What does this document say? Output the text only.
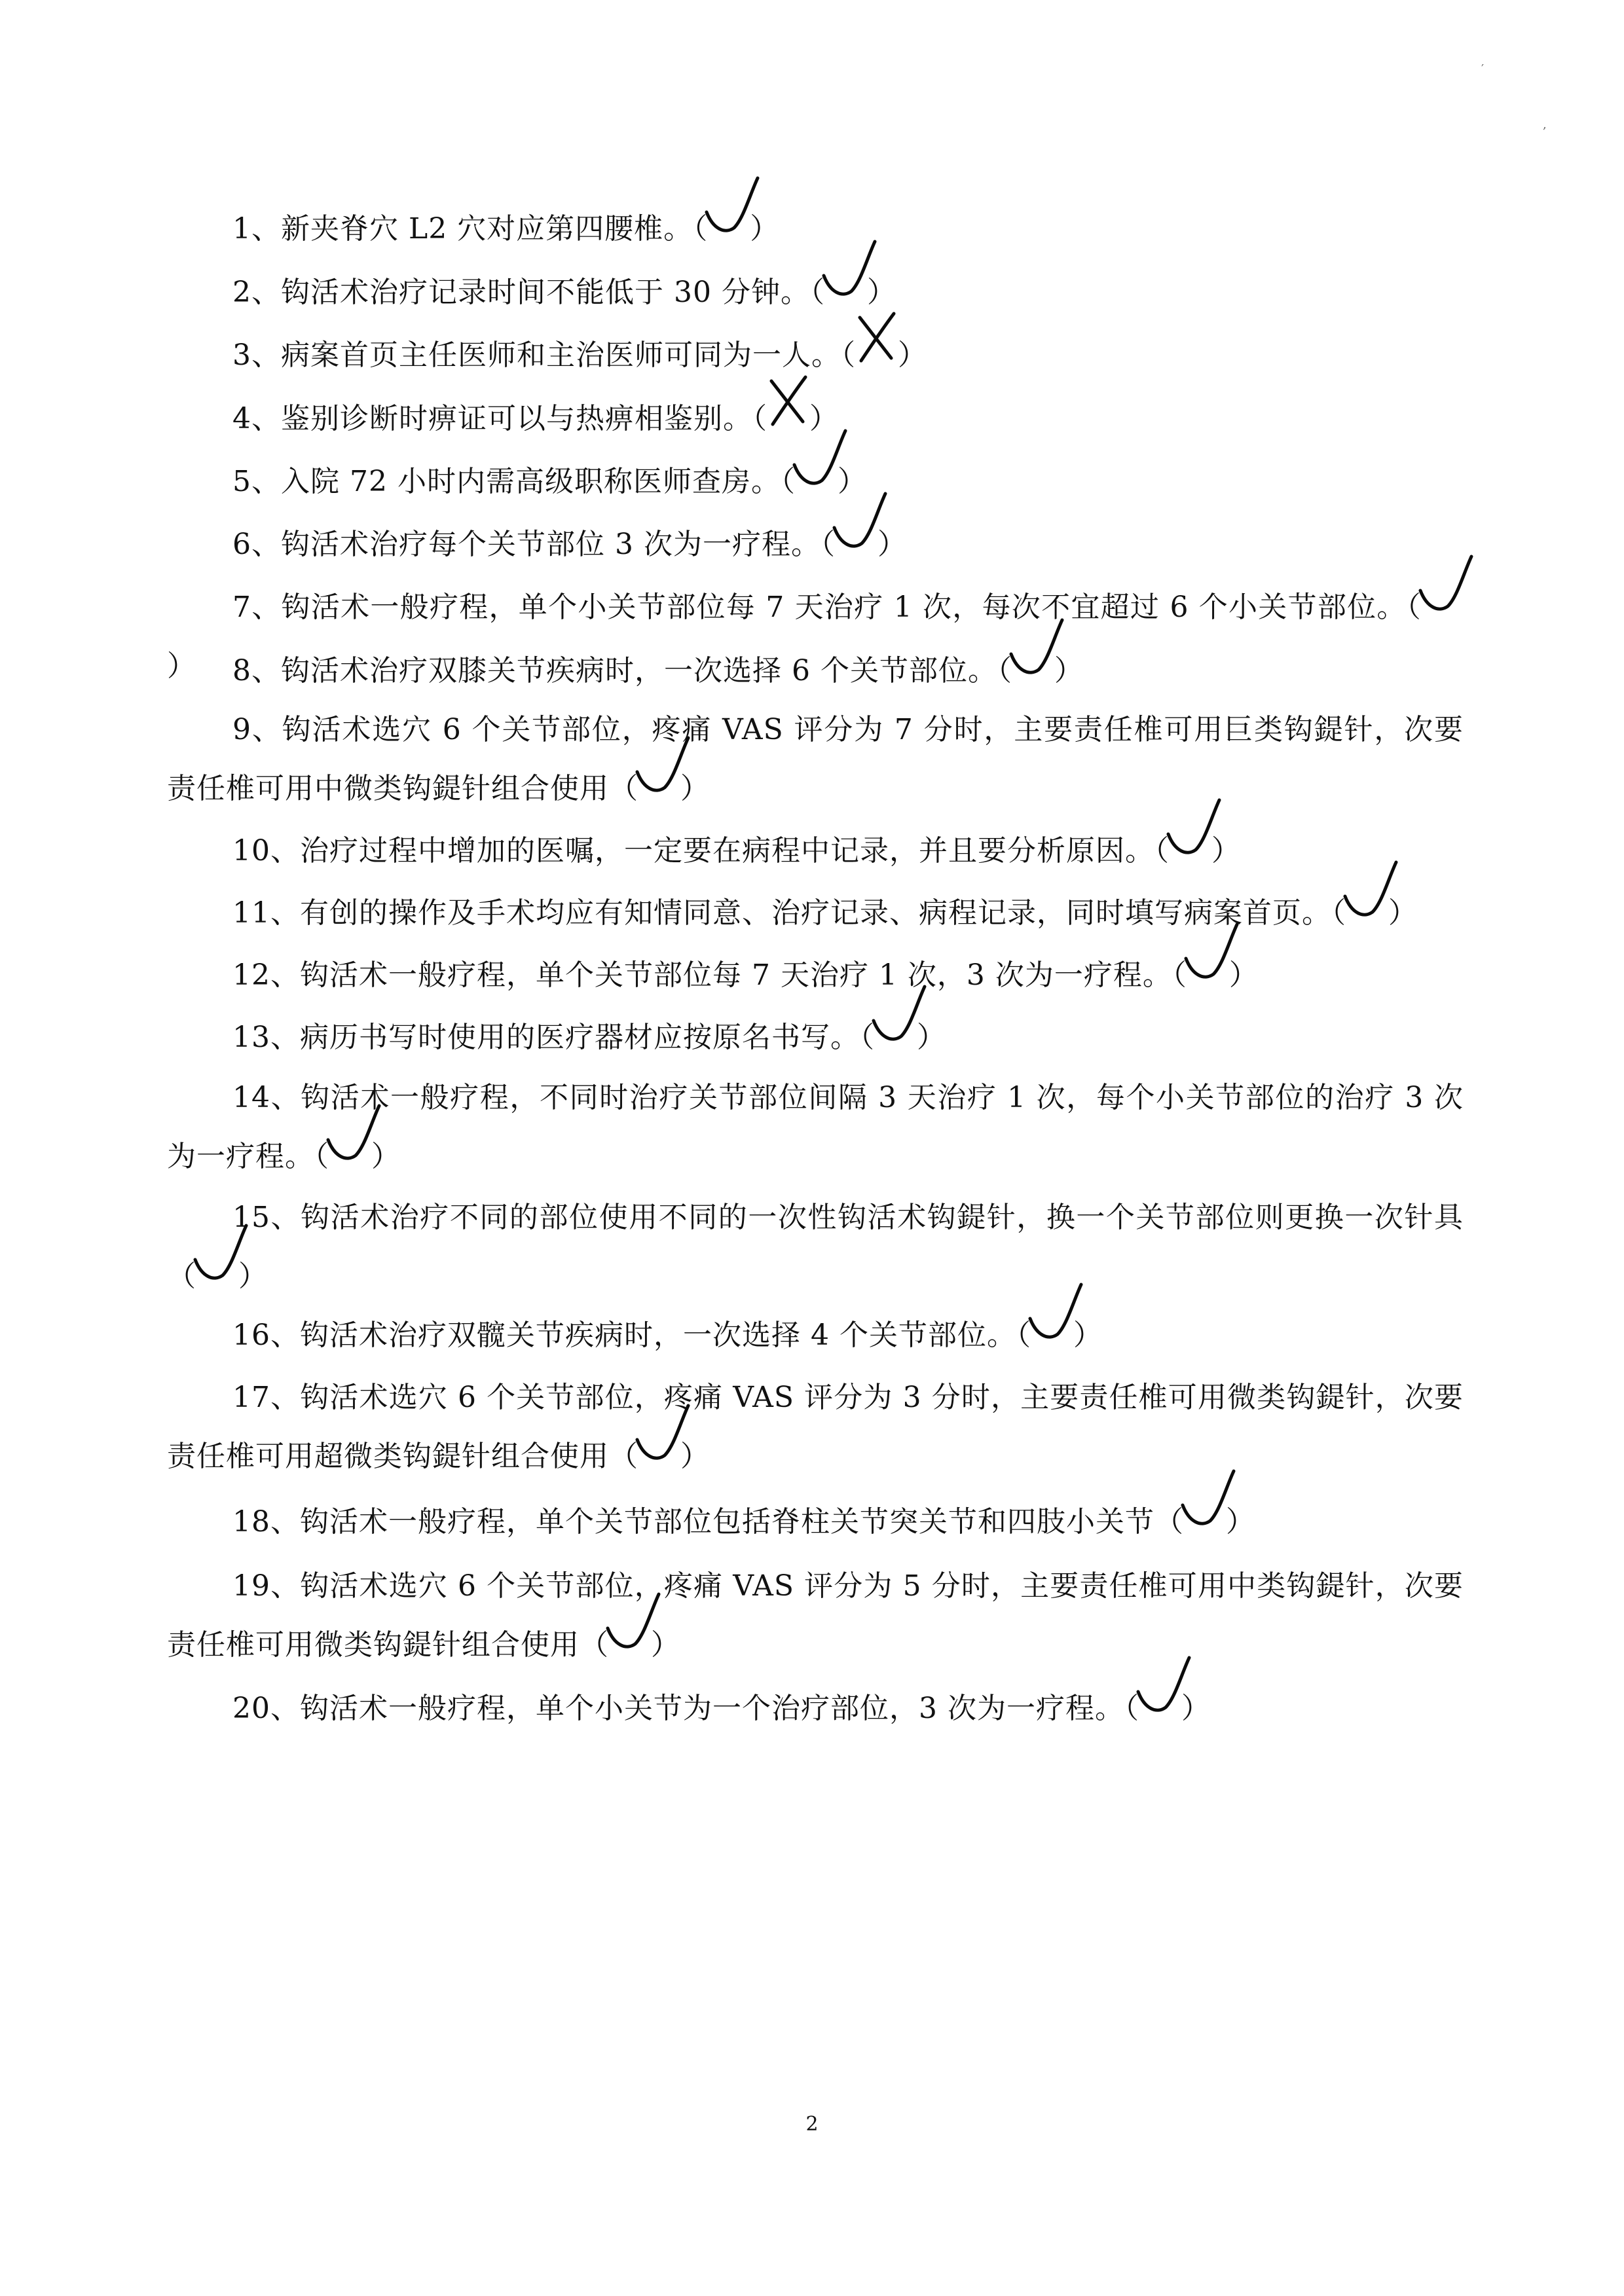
′
,

1、新夹脊穴 L2 穴对应第四腰椎。（ ）

2、钩活术治疗记录时间不能低于 30 分钟。（ ）

3、病案首页主任医师和主治医师可同为一人。（ ）

4、鉴别诊断时痹证可以与热痹相鉴别。（ ）

5、入院 72 小时内需高级职称医师查房。（ ）

6、钩活术治疗每个关节部位 3 次为一疗程。（ ）

7、钩活术一般疗程，单个小关节部位每 7 天治疗 1 次，每次不宜超过 6 个小关节部位。（
）	8、钩活术治疗双膝关节疾病时，一次选择 6 个关节部位。（ ）

9、钩活术选穴 6 个关节部位，疼痛 VAS 评分为 7 分时，主要责任椎可用巨类钩鍉针，次要责任椎可用中微类钩鍉针组合使用（ ）

10、治疗过程中增加的医嘱，一定要在病程中记录，并且要分析原因。（ ）

11、有创的操作及手术均应有知情同意、治疗记录、病程记录，同时填写病案首页。（ ）

12、钩活术一般疗程，单个关节部位每 7 天治疗 1 次，3 次为一疗程。（ ）

13、病历书写时使用的医疗器材应按原名书写。（ ）

14、钩活术一般疗程，不同时治疗关节部位间隔 3 天治疗 1 次，每个小关节部位的治疗 3 次为一疗程。（ ）

15、钩活术治疗不同的部位使用不同的一次性钩活术钩鍉针，换一个关节部位则更换一次针具（ ）

16、钩活术治疗双髋关节疾病时，一次选择 4 个关节部位。（ ）

17、钩活术选穴 6 个关节部位，疼痛 VAS 评分为 3 分时，主要责任椎可用微类钩鍉针，次要责任椎可用超微类钩鍉针组合使用（ ）

18、钩活术一般疗程，单个关节部位包括脊柱关节突关节和四肢小关节（ ）

19、钩活术选穴 6 个关节部位，疼痛 VAS 评分为 5 分时，主要责任椎可用中类钩鍉针，次要责任椎可用微类钩鍉针组合使用（ ）

20、钩活术一般疗程，单个小关节为一个治疗部位，3 次为一疗程。（ ）

2
